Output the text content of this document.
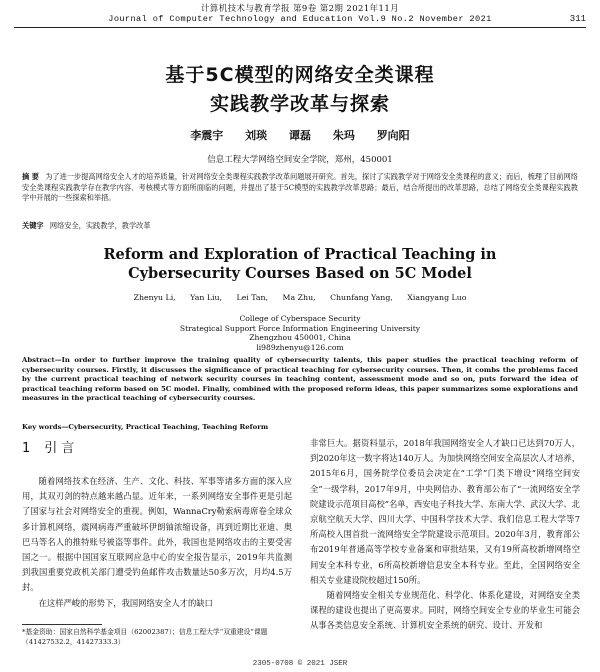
计算机技术与教育学报 第9卷 第2期 2021年11月
Journal of Computer Technology and Education Vol.9 No.2 November 2021	311
基于5C模型的网络安全类课程
实践教学改革与探索
李震宇 刘琰 谭磊 朱玛 罗向阳
信息工程大学网络空间安全学院，郑州，450001
摘 要 为了进一步提高网络安全人才的培养质量，针对网络安全类课程实践教学改革问题展开研究。首先，探讨了实践教学对于网络安全类课程的意义；而后，梳理了目前网络安全类课程实践教学存在教学内容、考核模式等方面所面临的问题，并提出了基于5C模型的实践教学改革思路；最后，结合所提出的改革思路，总结了网络安全类课程实践教学中开展的一些探索和举措。
关键字 网络安全，实践教学，教学改革
Reform and Exploration of Practical Teaching in
Cybersecurity Courses Based on 5C Model
Zhenyu Li, Yan Liu, Lei Tan, Ma Zhu, Chunfang Yang, Xiangyang Luo
College of Cyberspace Security
Strategical Support Force Information Engineering University
Zhengzhou 450001, China
li989zhenyu@126.com
Abstract—In order to further improve the training quality of cybersecurity talents, this paper studies the practical teaching reform of cybersecurity courses. Firstly, it discusses the significance of practical teaching for cybersecurity courses. Then, it combs the problems faced by the current practical teaching of network security courses in teaching content, assessment mode and so on, puts forward the idea of practical teaching reform based on 5C model. Finally, combined with the proposed reform ideas, this paper summarizes some explorations and measures in the practical teaching of cybersecurity courses.
Key words—Cybersecurity, Practical Teaching, Teaching Reform
1 引 言

随着网络技术在经济、生产、文化、科技、军事等诸多方面的深入应用，其双刃剑的特点越来越凸显。近年来，一系列网络安全事件更是引起了国家与社会对网络安全的重视。例如，WannaCry勒索病毒席卷全球众多计算机网络，震网病毒严重破坏伊朗铀浓缩设备，再到近期比亚迪、奥巴马等名人的推特账号被盗等事件。此外，我国也是网络攻击的主要受害国之一。根据中国国家互联网应急中心的安全报告显示，2019年共监测到我国重要党政机关部门遭受钓鱼邮件攻击数量达50多万次，月均4.5万封。

在这样严峻的形势下，我国网络安全人才的缺口

非常巨大。据资料显示，2018年我国网络安全人才缺口已达到70万人，到2020年这一数字将达140万人。为加快网络空间安全高层次人才培养，2015年6月，国务院学位委员会决定在“工学”门类下增设“网络空间安全”一级学科，2017年9月，中央网信办、教育部公布了“一流网络安全学院建设示范项目高校”名单，西安电子科技大学、东南大学、武汉大学、北京航空航天大学、四川大学、中国科学技术大学、我们信息工程大学等7所高校入围首批一流网络安全学院建设示范项目。2020年3月，教育部公布2019年普通高等学校专业备案和审批结果，又有19所高校新增网络空间安全本科专业，6所高校新增信息安全本科专业。至此，全国网络安全相关专业建设院校超过150所。

随着网络安全相关专业规范化、科学化、体系化建设，对网络安全类课程的建设也提出了更高要求。同时，网络空间安全专业的毕业生可能会从事各类信息安全系统、计算机安全系统的研究、设计、开发和

*基金资助：国家自然科学基金项目（62002387）；信息工程大学“双重建设”课题（41427532.2，41427333.3）
2305-0708 © 2021 JSER
